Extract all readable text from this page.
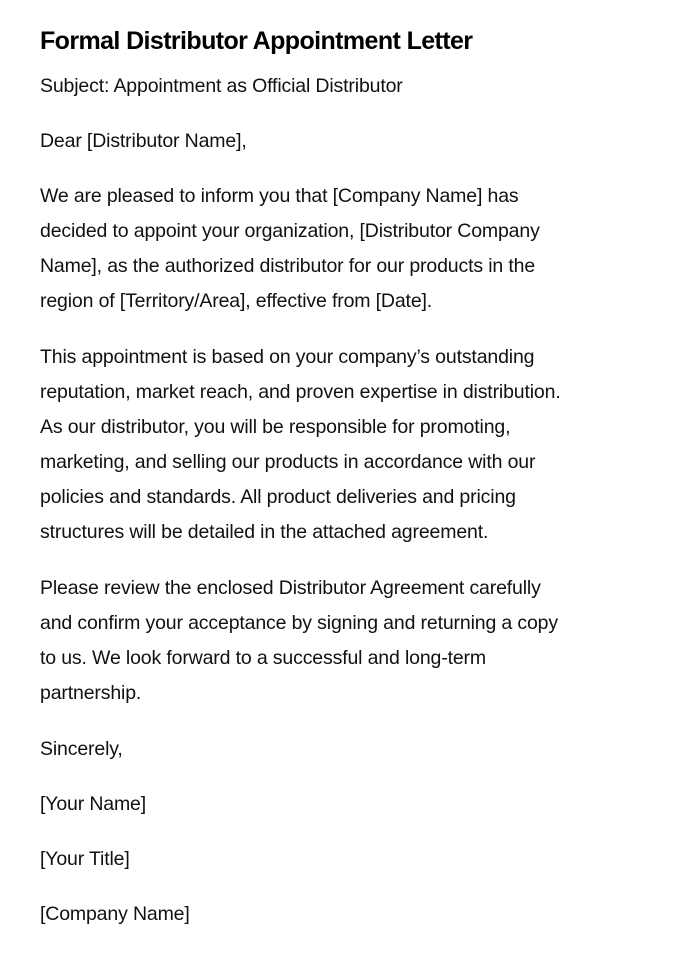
Formal Distributor Appointment Letter

Subject: Appointment as Official Distributor

Dear [Distributor Name],

We are pleased to inform you that [Company Name] has
decided to appoint your organization, [Distributor Company
Name], as the authorized distributor for our products in the
region of [Territory/Area], effective from [Date].

This appointment is based on your company’s outstanding
reputation, market reach, and proven expertise in distribution.
As our distributor, you will be responsible for promoting,
marketing, and selling our products in accordance with our
policies and standards. All product deliveries and pricing
structures will be detailed in the attached agreement.

Please review the enclosed Distributor Agreement carefully
and confirm your acceptance by signing and returning a copy
to us. We look forward to a successful and long-term
partnership.

Sincerely,

[Your Name]

[Your Title]

[Company Name]
